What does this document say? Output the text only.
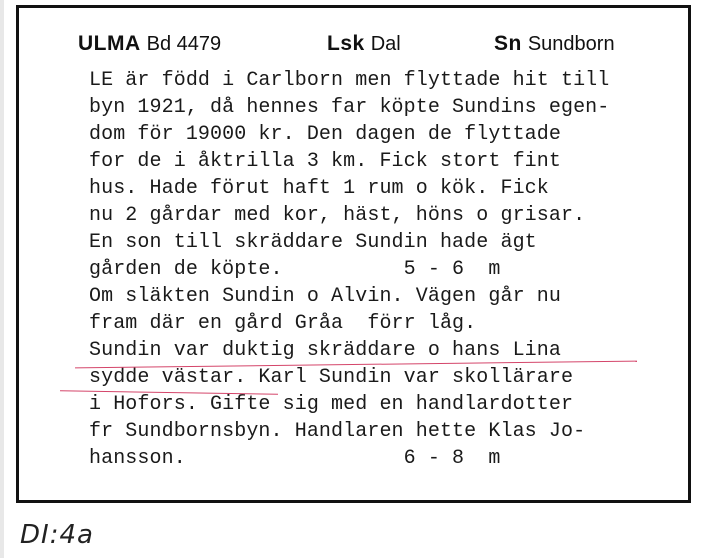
ULMA Bd 4479	Lsk Dal	Sn Sundborn
LE är född i Carlborn men flyttade hit till
byn 1921, då hennes far köpte Sundins egen-
dom för 19000 kr. Den dagen de flyttade
for de i åktrilla 3 km. Fick stort fint
hus. Hade förut haft 1 rum o kök. Fick
nu 2 gårdar med kor, häst, höns o grisar.
En son till skräddare Sundin hade ägt
gården de köpte.          5 - 6  m
Om släkten Sundin o Alvin. Vägen går nu
fram där en gård Gråa  förr låg.
Sundin var duktig skräddare o hans Lina
sydde västar. Karl Sundin var skollärare
i Hofors. Gifte sig med en handlardotter
fr Sundbornsbyn. Handlaren hette Klas Jo-
hansson.                  6 - 8  m
DI:4a
